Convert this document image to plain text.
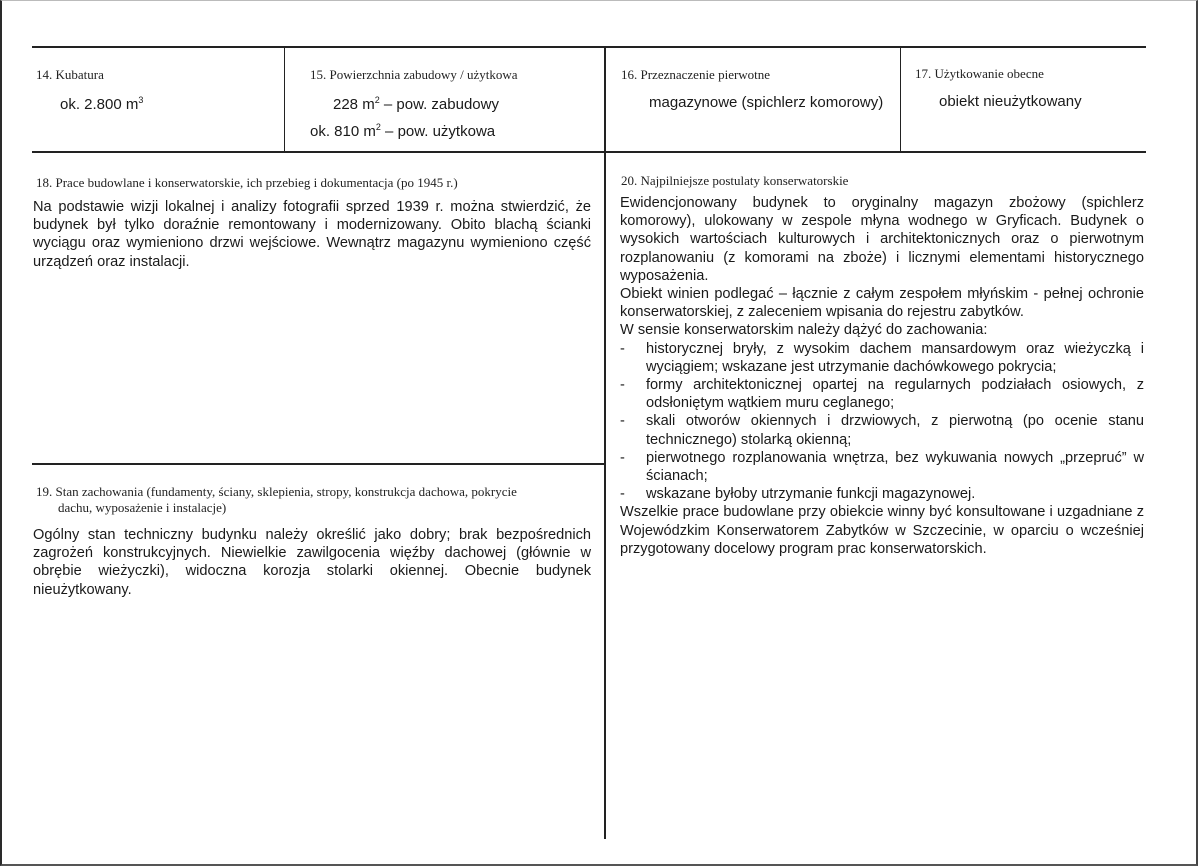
14. Kubatura
ok. 2.800 $m^3$
15. Powierzchnia zabudowy / użytkowa
228 $m^2$ – pow. zabudowy
ok. 810 $m^2$ – pow. użytkowa
16. Przeznaczenie pierwotne
magazynowe (spichlerz komorowy)
17. Użytkowanie obecne
obiekt nieużytkowany
18. Prace budowlane i konserwatorskie, ich przebieg i dokumentacja (po 1945 r.)
Na podstawie wizji lokalnej i analizy fotografii sprzed 1939 r. można stwierdzić, że budynek był tylko doraźnie remontowany i modernizowany. Obito blachą ścianki wyciągu oraz wymieniono drzwi wejściowe. Wewnątrz magazynu wymieniono część urządzeń oraz instalacji.
19. Stan zachowania (fundamenty, ściany, sklepienia, stropy, konstrukcja dachowa, pokrycie
dachu, wyposażenie i instalacje)
Ogólny stan techniczny budynku należy określić jako dobry; brak bezpośrednich zagrożeń konstrukcyjnych. Niewielkie zawilgocenia więźby dachowej (głównie w obrębie wieżyczki), widoczna korozja stolarki okiennej. Obecnie budynek nieużytkowany.
20. Najpilniejsze postulaty konserwatorskie

Ewidencjonowany budynek to oryginalny magazyn zbożowy (spichlerz komorowy), ulokowany w zespole młyna wodnego w Gryficach. Budynek o wysokich wartościach kulturowych i architektonicznych oraz o pierwotnym rozplanowaniu (z komorami na zboże) i licznymi elementami historycznego wyposażenia.

Obiekt winien podlegać – łącznie z całym zespołem młyńskim - pełnej ochronie konserwatorskiej, z zaleceniem wpisania do rejestru zabytków.

W sensie konserwatorskim należy dążyć do zachowania:

- historycznej bryły, z wysokim dachem mansardowym oraz wieżyczką i wyciągiem; wskazane jest utrzymanie dachówkowego pokrycia;
- formy architektonicznej opartej na regularnych podziałach osiowych, z odsłoniętym wątkiem muru ceglanego;
- skali otworów okiennych i drzwiowych, z pierwotną (po ocenie stanu technicznego) stolarką okienną;
- pierwotnego rozplanowania wnętrza, bez wykuwania nowych „przepruć” w ścianach;
- wskazane byłoby utrzymanie funkcji magazynowej.

Wszelkie prace budowlane przy obiekcie winny być konsultowane i uzgadniane z Wojewódzkim Konserwatorem Zabytków w Szczecinie, w oparciu o wcześniej przygotowany docelowy program prac konserwatorskich.
